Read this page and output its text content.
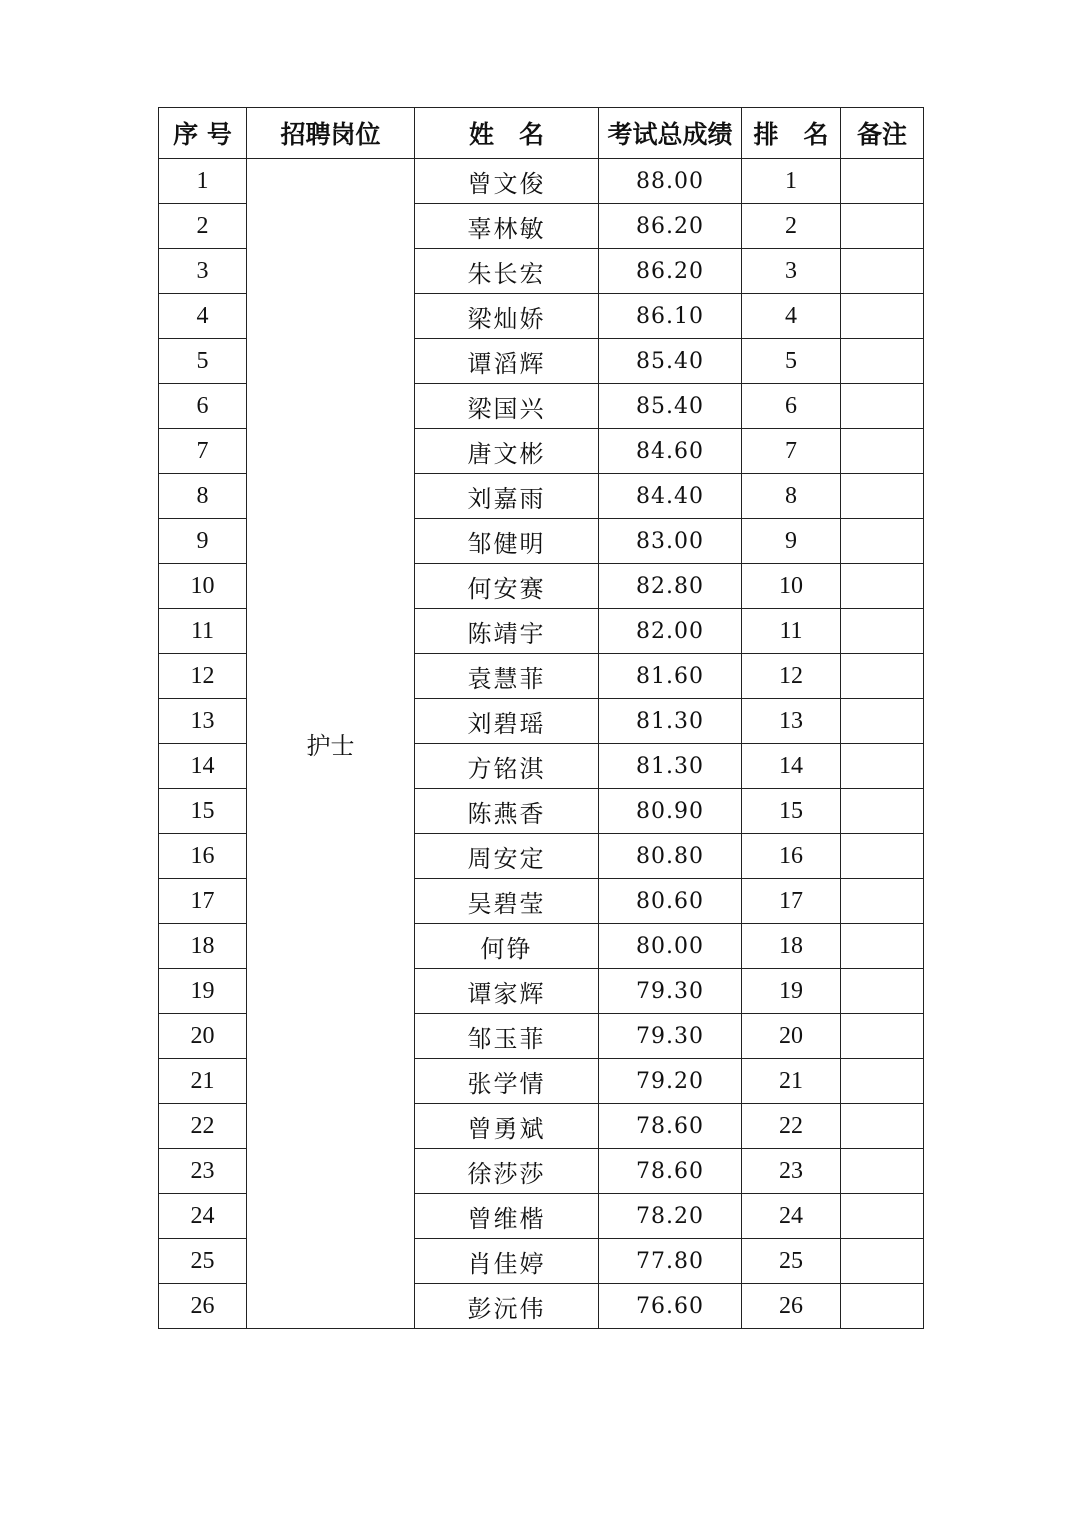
序 号	招聘岗位	姓　名	考试总成绩	排　名	备注
1	护士	曾文俊	88.00	1	
2		辜林敏	86.20	2	
3		朱长宏	86.20	3	
4		梁灿娇	86.10	4	
5		谭滔辉	85.40	5	
6		梁国兴	85.40	6	
7		唐文彬	84.60	7	
8		刘嘉雨	84.40	8	
9		邹健明	83.00	9	
10		何安赛	82.80	10	
11		陈靖宇	82.00	11	
12		袁慧菲	81.60	12	
13		刘碧瑶	81.30	13	
14		方铭淇	81.30	14	
15		陈燕香	80.90	15	
16		周安定	80.80	16	
17		吴碧莹	80.60	17	
18		何铮	80.00	18	
19		谭家辉	79.30	19	
20		邹玉菲	79.30	20	
21		张学情	79.20	21	
22		曾勇斌	78.60	22	
23		徐莎莎	78.60	23	
24		曾维楷	78.20	24	
25		肖佳婷	77.80	25	
26		彭沅伟	76.60	26	
